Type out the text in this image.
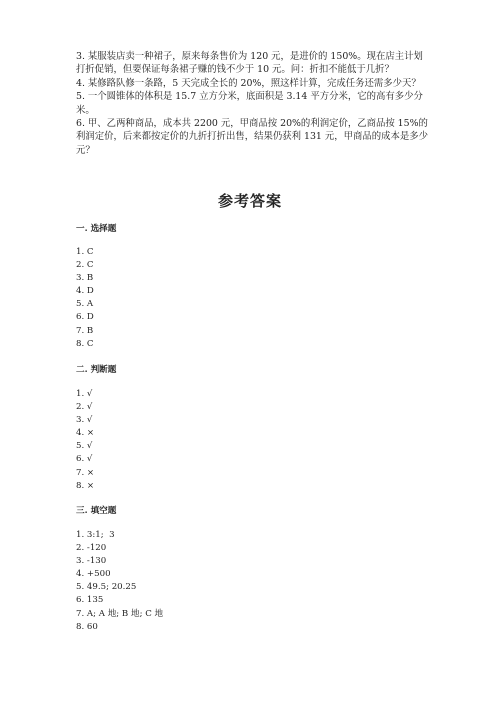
3. 某服装店卖一种裙子，原来每条售价为 120 元，是进价的 150%。现在店主计划打折促销，但要保证每条裙子赚的钱不少于 10 元。问：折扣不能低于几折？

4. 某修路队修一条路，5 天完成全长的 20%，照这样计算，完成任务还需多少天？

5. 一个圆锥体的体积是 15.7 立方分米，底面积是 3.14 平方分米，它的高有多少分米。

6. 甲、乙两种商品，成本共 2200 元，甲商品按 20%的利润定价，乙商品按 15%的利润定价，后来都按定价的九折打折出售，结果仍获利 131 元，甲商品的成本是多少元？

参考答案

一. 选择题

1. C
2. C
3. B
4. D
5. A
6. D
7. B
8. C

二. 判断题

1. √
2. √
3. √
4. ×
5. √
6. √
7. ×
8. ×

三. 填空题

1. 3:1;  3
2. -120
3. -130
4. +500
5. 49.5; 20.25
6. 135
7. A; A 地; B 地; C 地
8. 60
